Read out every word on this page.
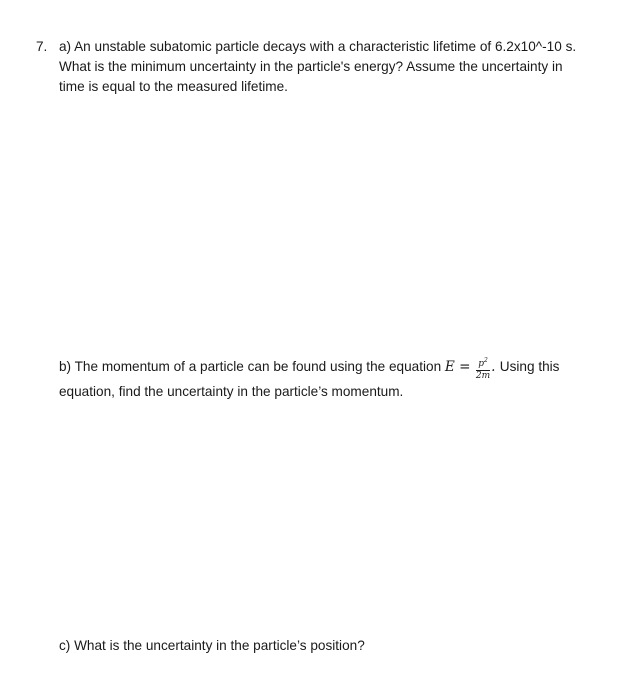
7. a) An unstable subatomic particle decays with a characteristic lifetime of 6.2x10^-10 s.
What is the minimum uncertainty in the particle's energy? Assume the uncertainty in
time is equal to the measured lifetime.
b) The momentum of a particle can be found using the equation $E = \frac{p^2}{2m}$ . Using this
equation, find the uncertainty in the particle’s momentum.
c) What is the uncertainty in the particle’s position?
